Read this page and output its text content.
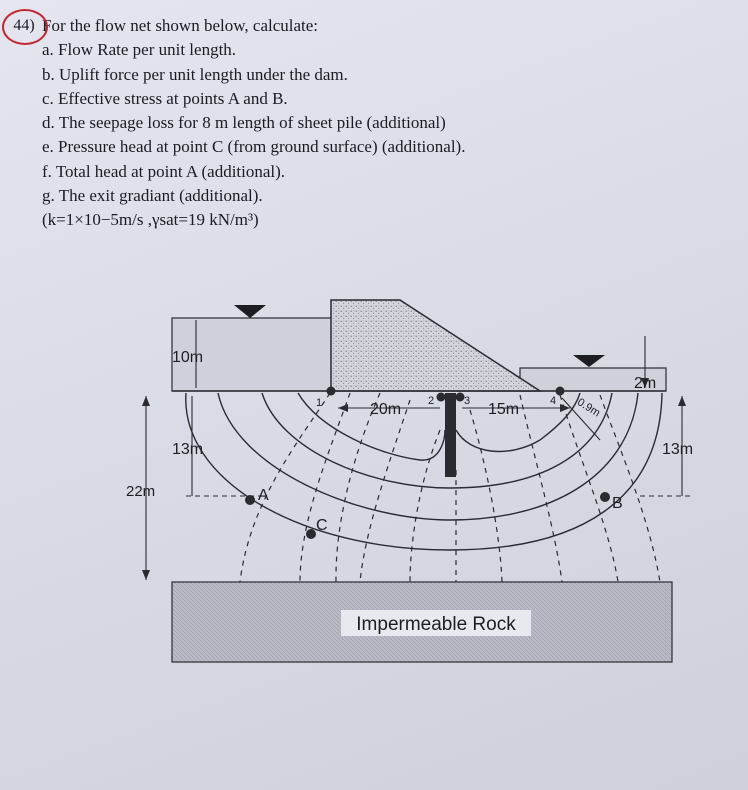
44) For the flow net shown below, calculate:
a. Flow Rate per unit length.
b. Uplift force per unit length under the dam.
c. Effective stress at points A and B.
d. The seepage loss for 8 m length of sheet pile (additional)
e. Pressure head at point C (from ground surface) (additional).
f. Total head at point A (additional).
g. The exit gradiant (additional).
(k=1×10−5m/s ,γsat=19 kN/m³)
Impermeable Rock
10m
2m
20m	15m	0.9m
13m	13m
22m	A	B
C
1	2	3	4
